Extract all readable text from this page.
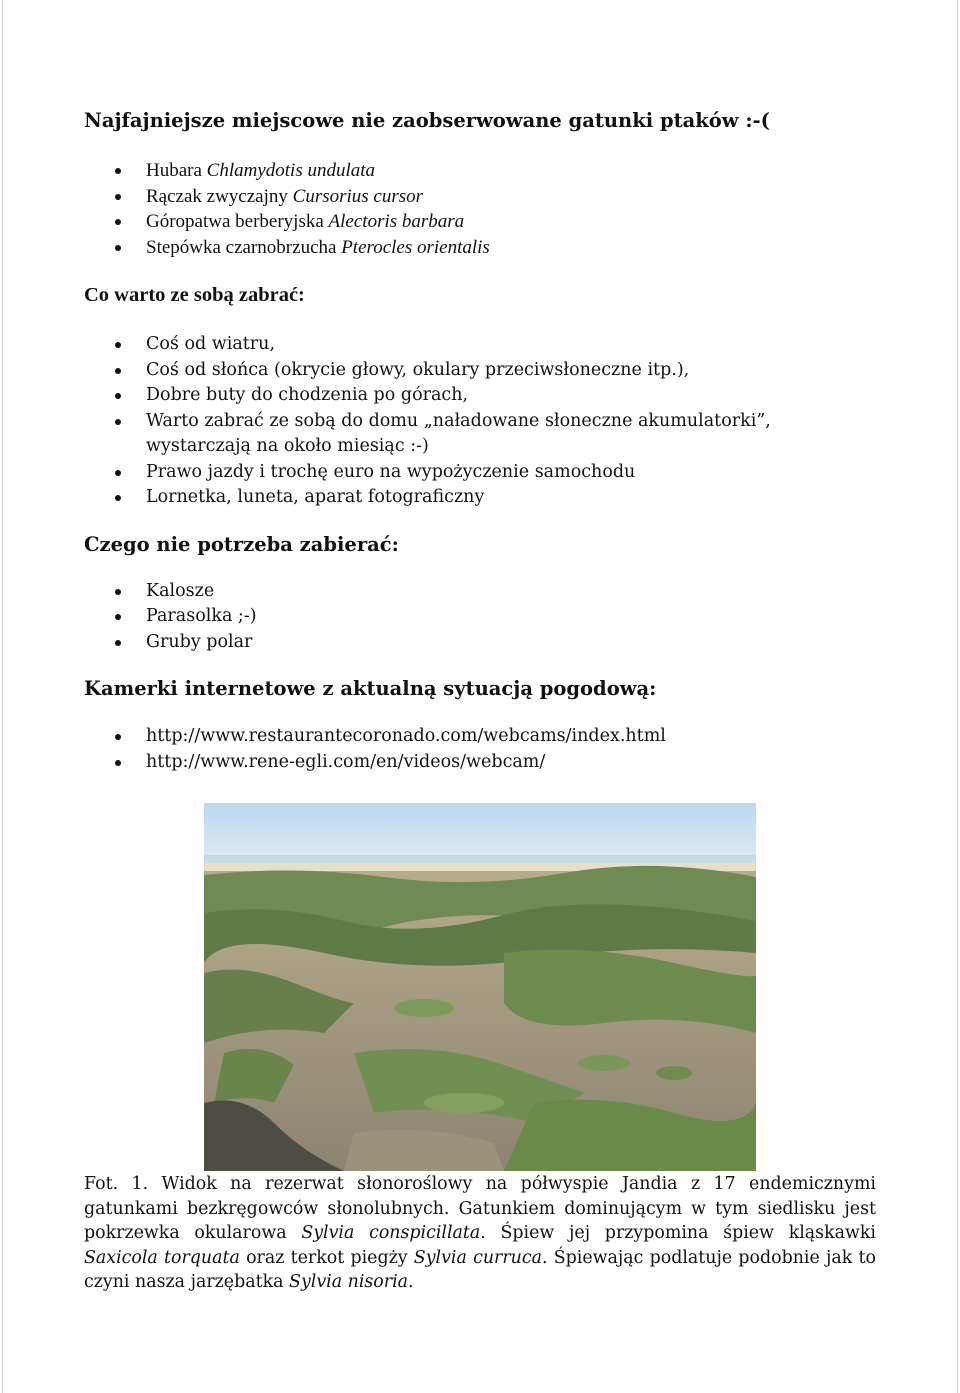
Najfajniejsze miejscowe nie zaobserwowane gatunki ptaków :-(
Hubara Chlamydotis undulata
Rączak zwyczajny Cursorius cursor
Góropatwa berberyjska Alectoris barbara
Stepówka czarnobrzucha Pterocles orientalis
Co warto ze sobą zabrać:
Coś od wiatru,
Coś od słońca (okrycie głowy, okulary przeciwsłoneczne itp.),
Dobre buty do chodzenia po górach,
Warto zabrać ze sobą do domu „naładowane słoneczne akumulatorki”,
wystarczają na około miesiąc :-)
Prawo jazdy i trochę euro na wypożyczenie samochodu
Lornetka, luneta, aparat fotograficzny
Czego nie potrzeba zabierać:
Kalosze
Parasolka ;-)
Gruby polar
Kamerki internetowe z aktualną sytuacją pogodową:
http://www.restaurantecoronado.com/webcams/index.html
http://www.rene-egli.com/en/videos/webcam/
Fot. 1. Widok na rezerwat słonoroślowy na półwyspie Jandia z 17 endemicznymi gatunkami bezkręgowców słonolubnych. Gatunkiem dominującym w tym siedlisku jest pokrzewka okularowa Sylvia conspicillata. Śpiew jej przypomina śpiew kląskawki Saxicola torquata oraz terkot piegży Sylvia curruca. Śpiewając podlatuje podobnie jak to czyni nasza jarzębatka Sylvia nisoria.
